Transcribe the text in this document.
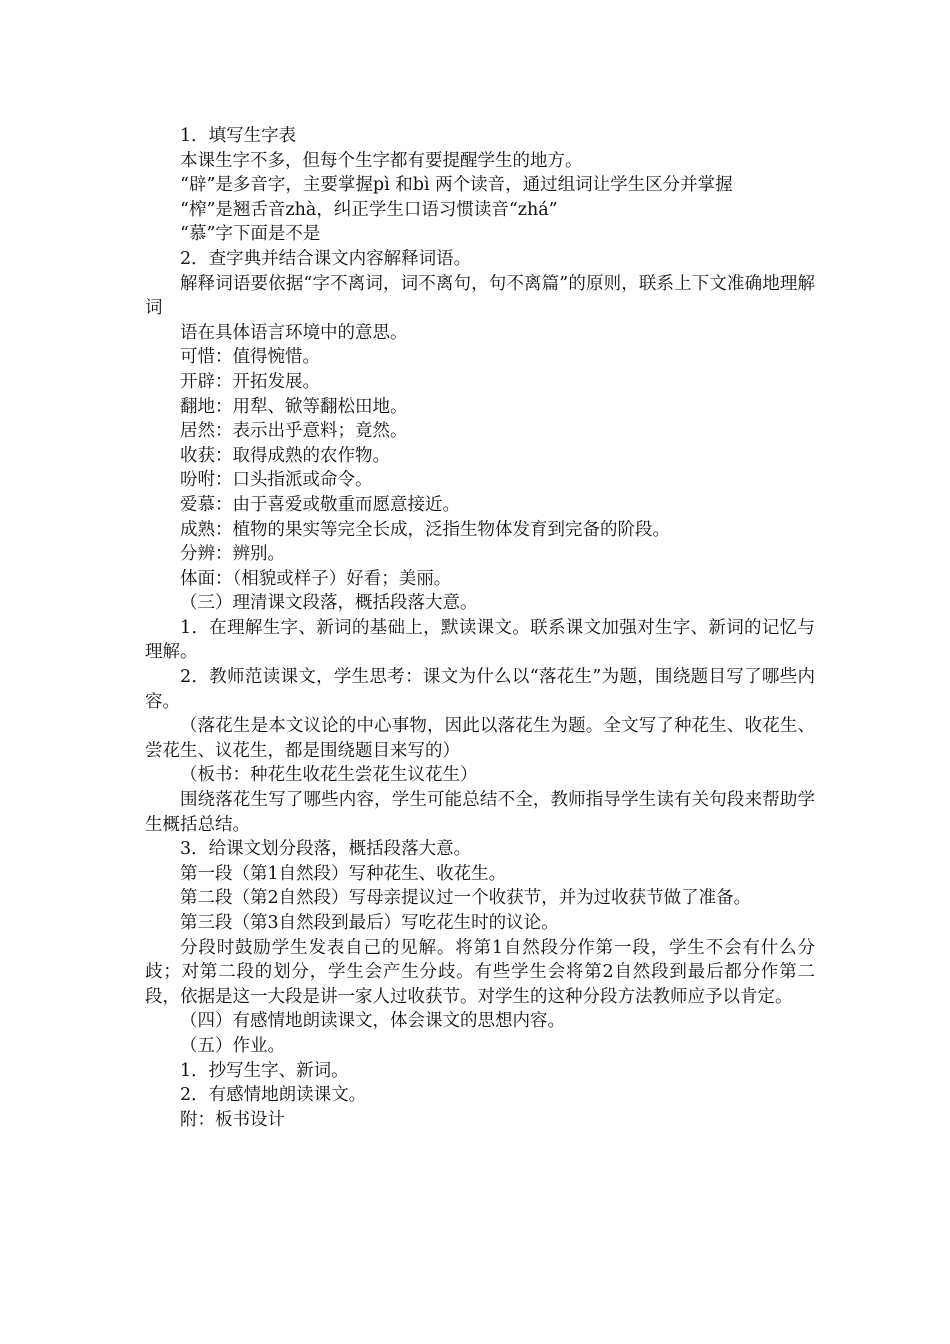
1．填写生字表

本课生字不多，但每个生字都有要提醒学生的地方。

“辟”是多音字，主要掌握pì 和bì 两个读音，通过组词让学生区分并掌握

“榨”是翘舌音zhà，纠正学生口语习惯读音“zhá”

“慕”字下面是不是

2．查字典并结合课文内容解释词语。

解释词语要依据“字不离词，词不离句，句不离篇”的原则，联系上下文准确地理解词

语在具体语言环境中的意思。

可惜：值得惋惜。

开辟：开拓发展。

翻地：用犁、锨等翻松田地。

居然：表示出乎意料；竟然。

收获：取得成熟的农作物。

吩咐：口头指派或命令。

爱慕：由于喜爱或敬重而愿意接近。

成熟：植物的果实等完全长成，泛指生物体发育到完备的阶段。

分辨：辨别。

体面：（相貌或样子）好看；美丽。

（三）理清课文段落，概括段落大意。

1．在理解生字、新词的基础上，默读课文。联系课文加强对生字、新词的记忆与理解。

2．教师范读课文，学生思考：课文为什么以“落花生”为题，围绕题目写了哪些内容。

（落花生是本文议论的中心事物，因此以落花生为题。全文写了种花生、收花生、尝花生、议花生，都是围绕题目来写的）

（板书：种花生收花生尝花生议花生）

围绕落花生写了哪些内容，学生可能总结不全，教师指导学生读有关句段来帮助学生概括总结。

3．给课文划分段落，概括段落大意。

第一段（第1自然段）写种花生、收花生。

第二段（第2自然段）写母亲提议过一个收获节，并为过收获节做了准备。

第三段（第3自然段到最后）写吃花生时的议论。

分段时鼓励学生发表自己的见解。将第1自然段分作第一段，学生不会有什么分歧；对第二段的划分，学生会产生分歧。有些学生会将第2自然段到最后都分作第二段，依据是这一大段是讲一家人过收获节。对学生的这种分段方法教师应予以肯定。

（四）有感情地朗读课文，体会课文的思想内容。

（五）作业。

1．抄写生字、新词。

2．有感情地朗读课文。

附：板书设计
